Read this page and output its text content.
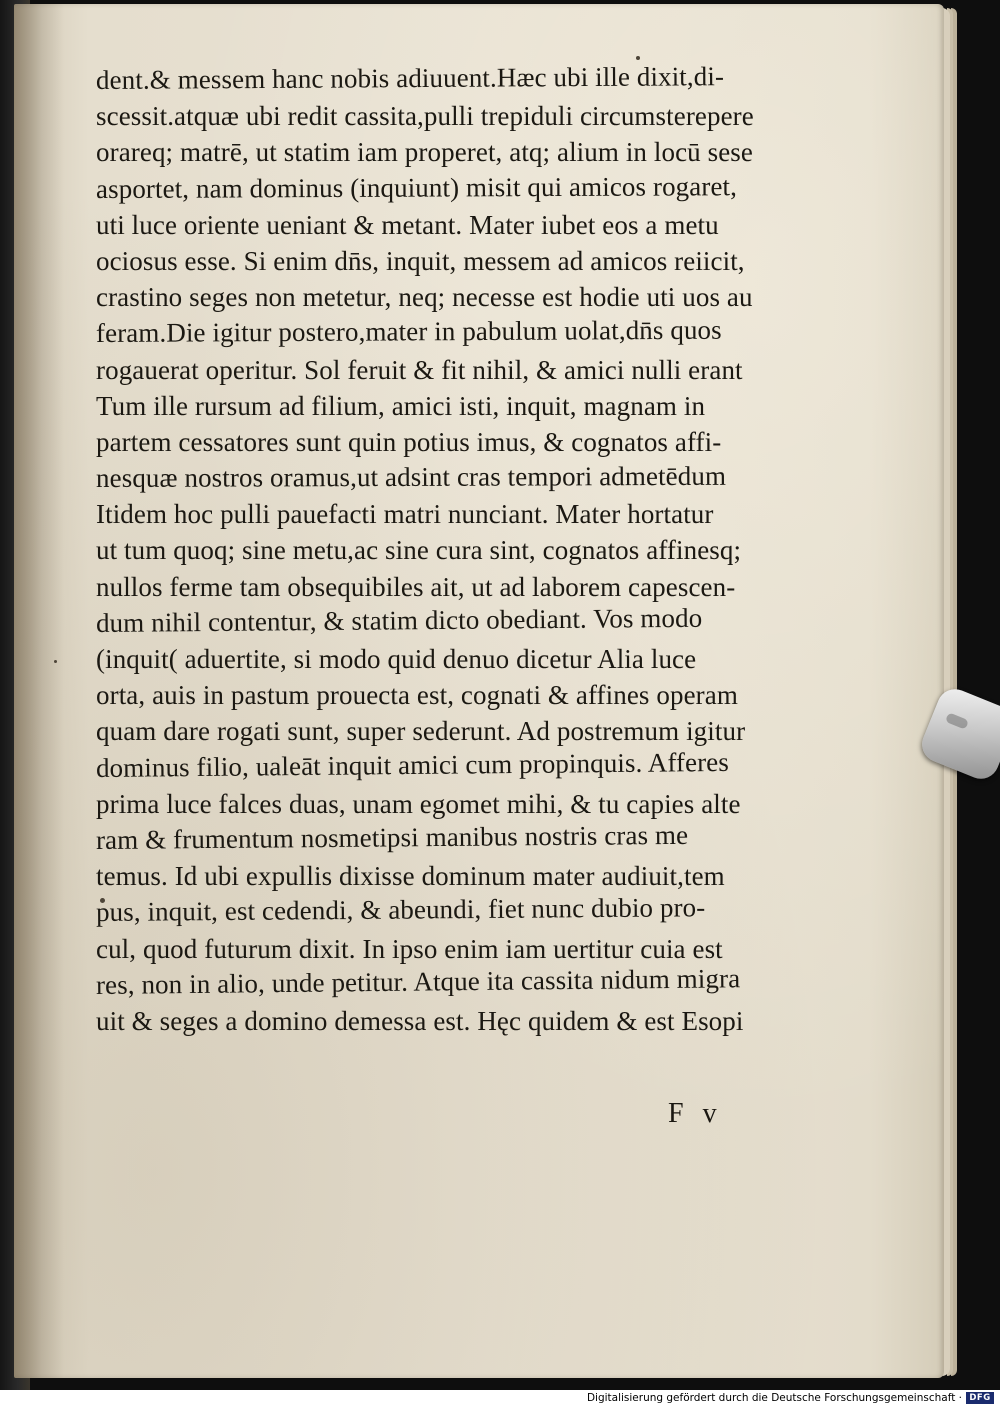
dent.& messem hanc nobis adiuuent.Hæc ubi ille dixit,di‑
scessit.atquæ ubi redit cassita,pulli trepiduli circumsterepere
orareq; matrē, ut statim iam properet, atq; alium in locū sese
asportet, nam dominus (inquiunt) misit qui amicos rogaret,
uti luce oriente ueniant & metant. Mater iubet eos a metu
ociosus esse. Si enim dn̄s, inquit, messem ad amicos reiicit,
crastino seges non metetur, neq; necesse est hodie uti uos au
feram.Die igitur postero,mater in pabulum uolat,dn̄s quos
rogauerat operitur. Sol feruit & fit nihil, & amici nulli erant
Tum ille rursum ad filium, amici isti, inquit, magnam in
partem cessatores sunt quin potius imus, & cognatos affi‑
nesquæ nostros oramus,ut adsint cras tempori admetēdum
Itidem hoc pulli pauefacti matri nunciant. Mater hortatur
ut tum quoq; sine metu,ac sine cura sint, cognatos affinesq;
nullos ferme tam obsequibiles ait, ut ad laborem capescen‑
dum nihil contentur, & statim dicto obediant. Vos modo
(inquit( aduertite, si modo quid denuo dicetur Alia luce
orta, auis in pastum prouecta est, cognati & affines operam
quam dare rogati sunt, super sederunt. Ad postremum igitur
dominus filio, ualeāt inquit amici cum propinquis. Afferes
prima luce falces duas, unam egomet mihi, & tu capies alte
ram & frumentum nosmetipsi manibus nostris cras me
temus. Id ubi expullis dixisse dominum mater audiuit,tem
pus, inquit, est cedendi, & abeundi, fiet nunc dubio pro‑
cul, quod futurum dixit. In ipso enim iam uertitur cuia est
res, non in alio, unde petitur. Atque ita cassita nidum migra
uit & seges a domino demessa est. Hęc quidem & est Esopi
F v
Digitalisierung gefördert durch die Deutsche Forschungsgemeinschaft · DFG
